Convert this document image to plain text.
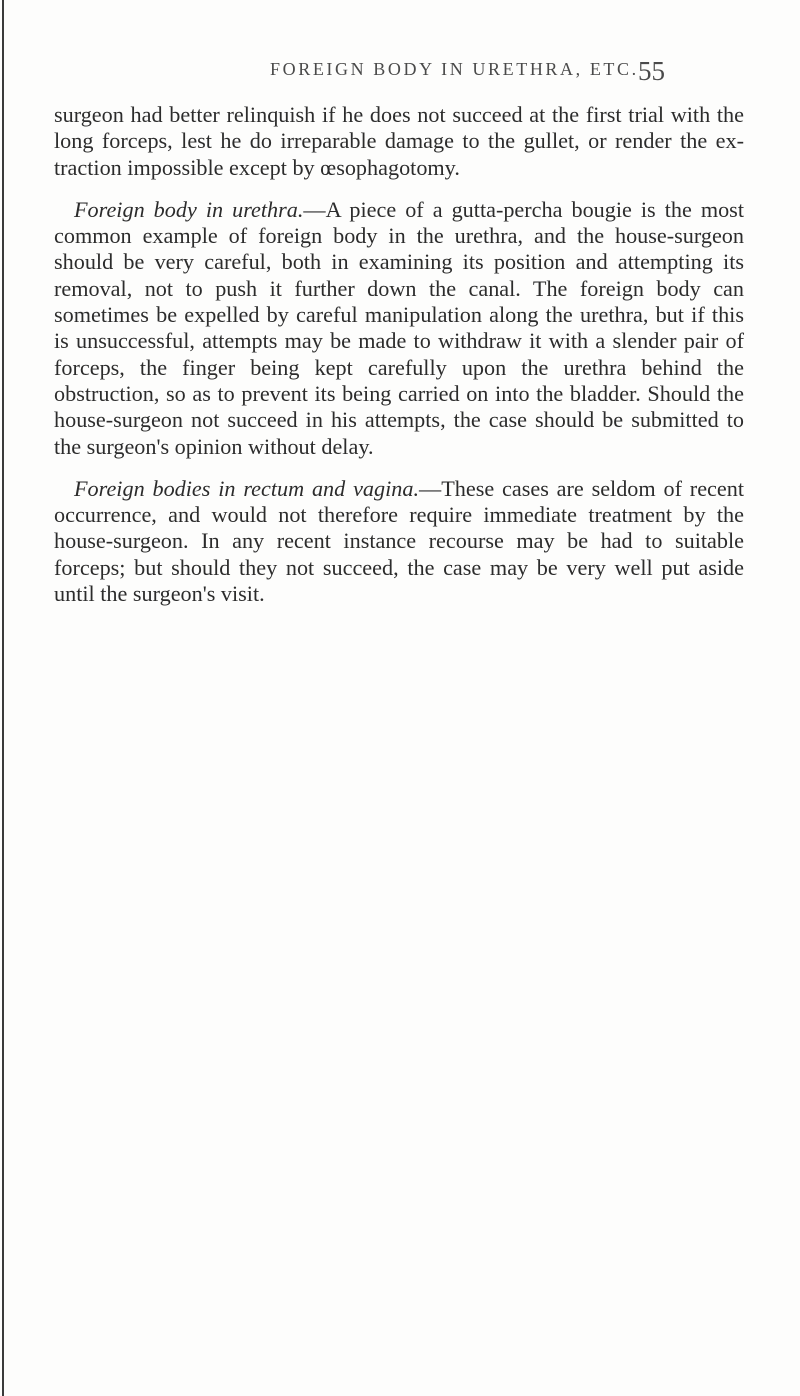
FOREIGN BODY IN URETHRA, ETC. 55

surgeon had better relinquish if he does not succeed at the first trial with the long forceps, lest he do irreparable damage to the gullet, or render the extraction impossible except by œsophagotomy.

Foreign body in urethra.—A piece of a gutta-percha bougie is the most common example of foreign body in the urethra, and the house-surgeon should be very careful, both in examining its position and attempting its removal, not to push it further down the canal. The foreign body can sometimes be expelled by careful manipulation along the urethra, but if this is unsuccessful, attempts may be made to withdraw it with a slender pair of forceps, the finger being kept carefully upon the urethra behind the obstruction, so as to prevent its being carried on into the bladder. Should the house-surgeon not succeed in his attempts, the case should be submitted to the surgeon's opinion without delay.

Foreign bodies in rectum and vagina.—These cases are seldom of recent occurrence, and would not therefore require immediate treatment by the house-surgeon. In any recent instance recourse may be had to suitable forceps; but should they not succeed, the case may be very well put aside until the surgeon's visit.
